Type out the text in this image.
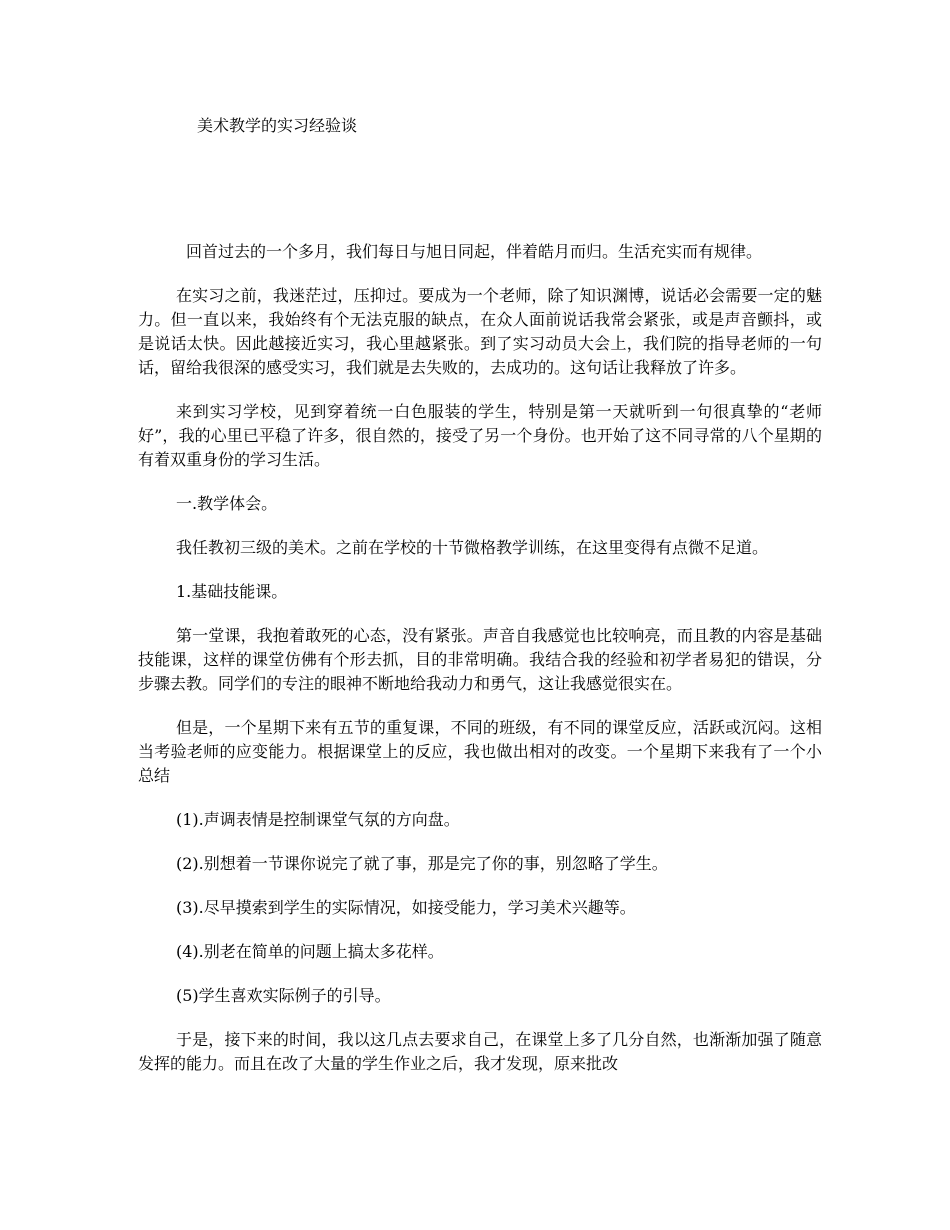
美术教学的实习经验谈

回首过去的一个多月，我们每日与旭日同起，伴着皓月而归。生活充实而有规律。

在实习之前，我迷茫过，压抑过。要成为一个老师，除了知识渊博，说话必会需要一定的魅力。但一直以来，我始终有个无法克服的缺点，在众人面前说话我常会紧张，或是声音颤抖，或是说话太快。因此越接近实习，我心里越紧张。到了实习动员大会上，我们院的指导老师的一句话，留给我很深的感受实习，我们就是去失败的，去成功的。这句话让我释放了许多。

来到实习学校，见到穿着统一白色服装的学生，特别是第一天就听到一句很真挚的“老师好”，我的心里已平稳了许多，很自然的，接受了另一个身份。也开始了这不同寻常的八个星期的有着双重身份的学习生活。

一.教学体会。

我任教初三级的美术。之前在学校的十节微格教学训练，在这里变得有点微不足道。

1.基础技能课。

第一堂课，我抱着敢死的心态，没有紧张。声音自我感觉也比较响亮，而且教的内容是基础技能课，这样的课堂仿佛有个形去抓，目的非常明确。我结合我的经验和初学者易犯的错误，分步骤去教。同学们的专注的眼神不断地给我动力和勇气，这让我感觉很实在。

但是，一个星期下来有五节的重复课，不同的班级，有不同的课堂反应，活跃或沉闷。这相当考验老师的应变能力。根据课堂上的反应，我也做出相对的改变。一个星期下来我有了一个小总结

(1).声调表情是控制课堂气氛的方向盘。

(2).别想着一节课你说完了就了事，那是完了你的事，别忽略了学生。

(3).尽早摸索到学生的实际情况，如接受能力，学习美术兴趣等。

(4).别老在简单的问题上搞太多花样。

(5)学生喜欢实际例子的引导。

于是，接下来的时间，我以这几点去要求自己，在课堂上多了几分自然，也渐渐加强了随意发挥的能力。而且在改了大量的学生作业之后，我才发现，原来批改
